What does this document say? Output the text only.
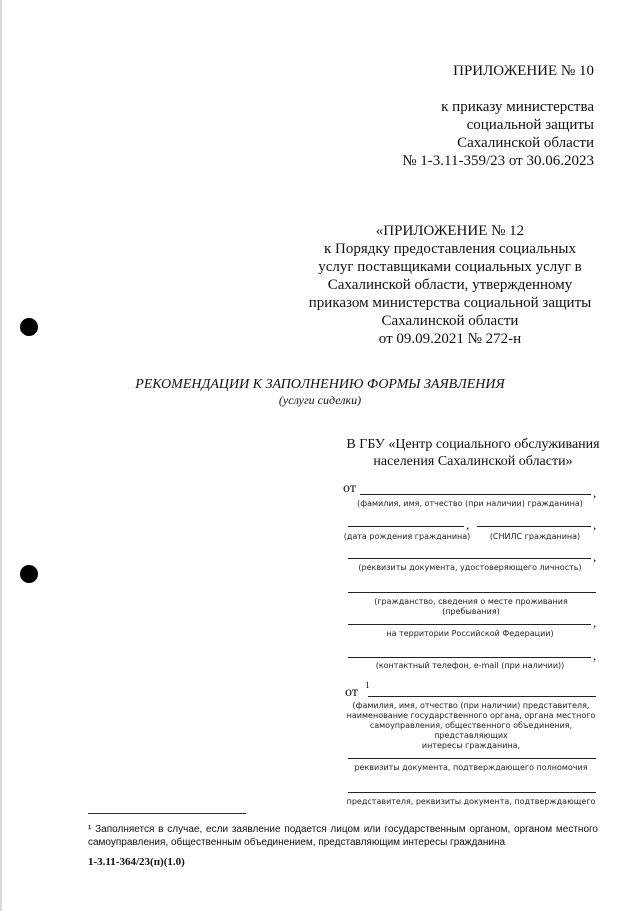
ПРИЛОЖЕНИЕ № 10
к приказу министерства
социальной защиты
Сахалинской области
№ 1-3.11-359/23 от 30.06.2023
«ПРИЛОЖЕНИЕ № 12
к Порядку предоставления социальных
услуг поставщиками социальных услуг в
Сахалинской области, утвержденному
приказом министерства социальной защиты
Сахалинской области
от 09.09.2021 № 272-н
РЕКОМЕНДАЦИИ К ЗАПОЛНЕНИЮ ФОРМЫ ЗАЯВЛЕНИЯ
(услуги сиделки)
В ГБУ «Центр социального обслуживания
населения Сахалинской области»
от	,
(фамилия, имя, отчество (при наличии) гражданина)
,	,
(дата рождения гражданина)	(СНИЛС гражданина)
,
(реквизиты документа, удостоверяющего личность)
(гражданство, сведения о месте проживания (пребывания)
,
на территории Российской Федерации)
,
(контактный телефон, e-mail (при наличии))
от 1
(фамилия, имя, отчество (при наличии) представителя,
наименование государственного органа, органа местного
самоуправления, общественного объединения, представляющих
интересы гражданина,
реквизиты документа, подтверждающего полномочия
представителя, реквизиты документа, подтверждающего
¹ Заполняется в случае, если заявление подается лицом или государственным органом, органом местного самоуправления, общественным объединением, представляющим интересы гражданина
1-3.11-364/23(п)(1.0)
